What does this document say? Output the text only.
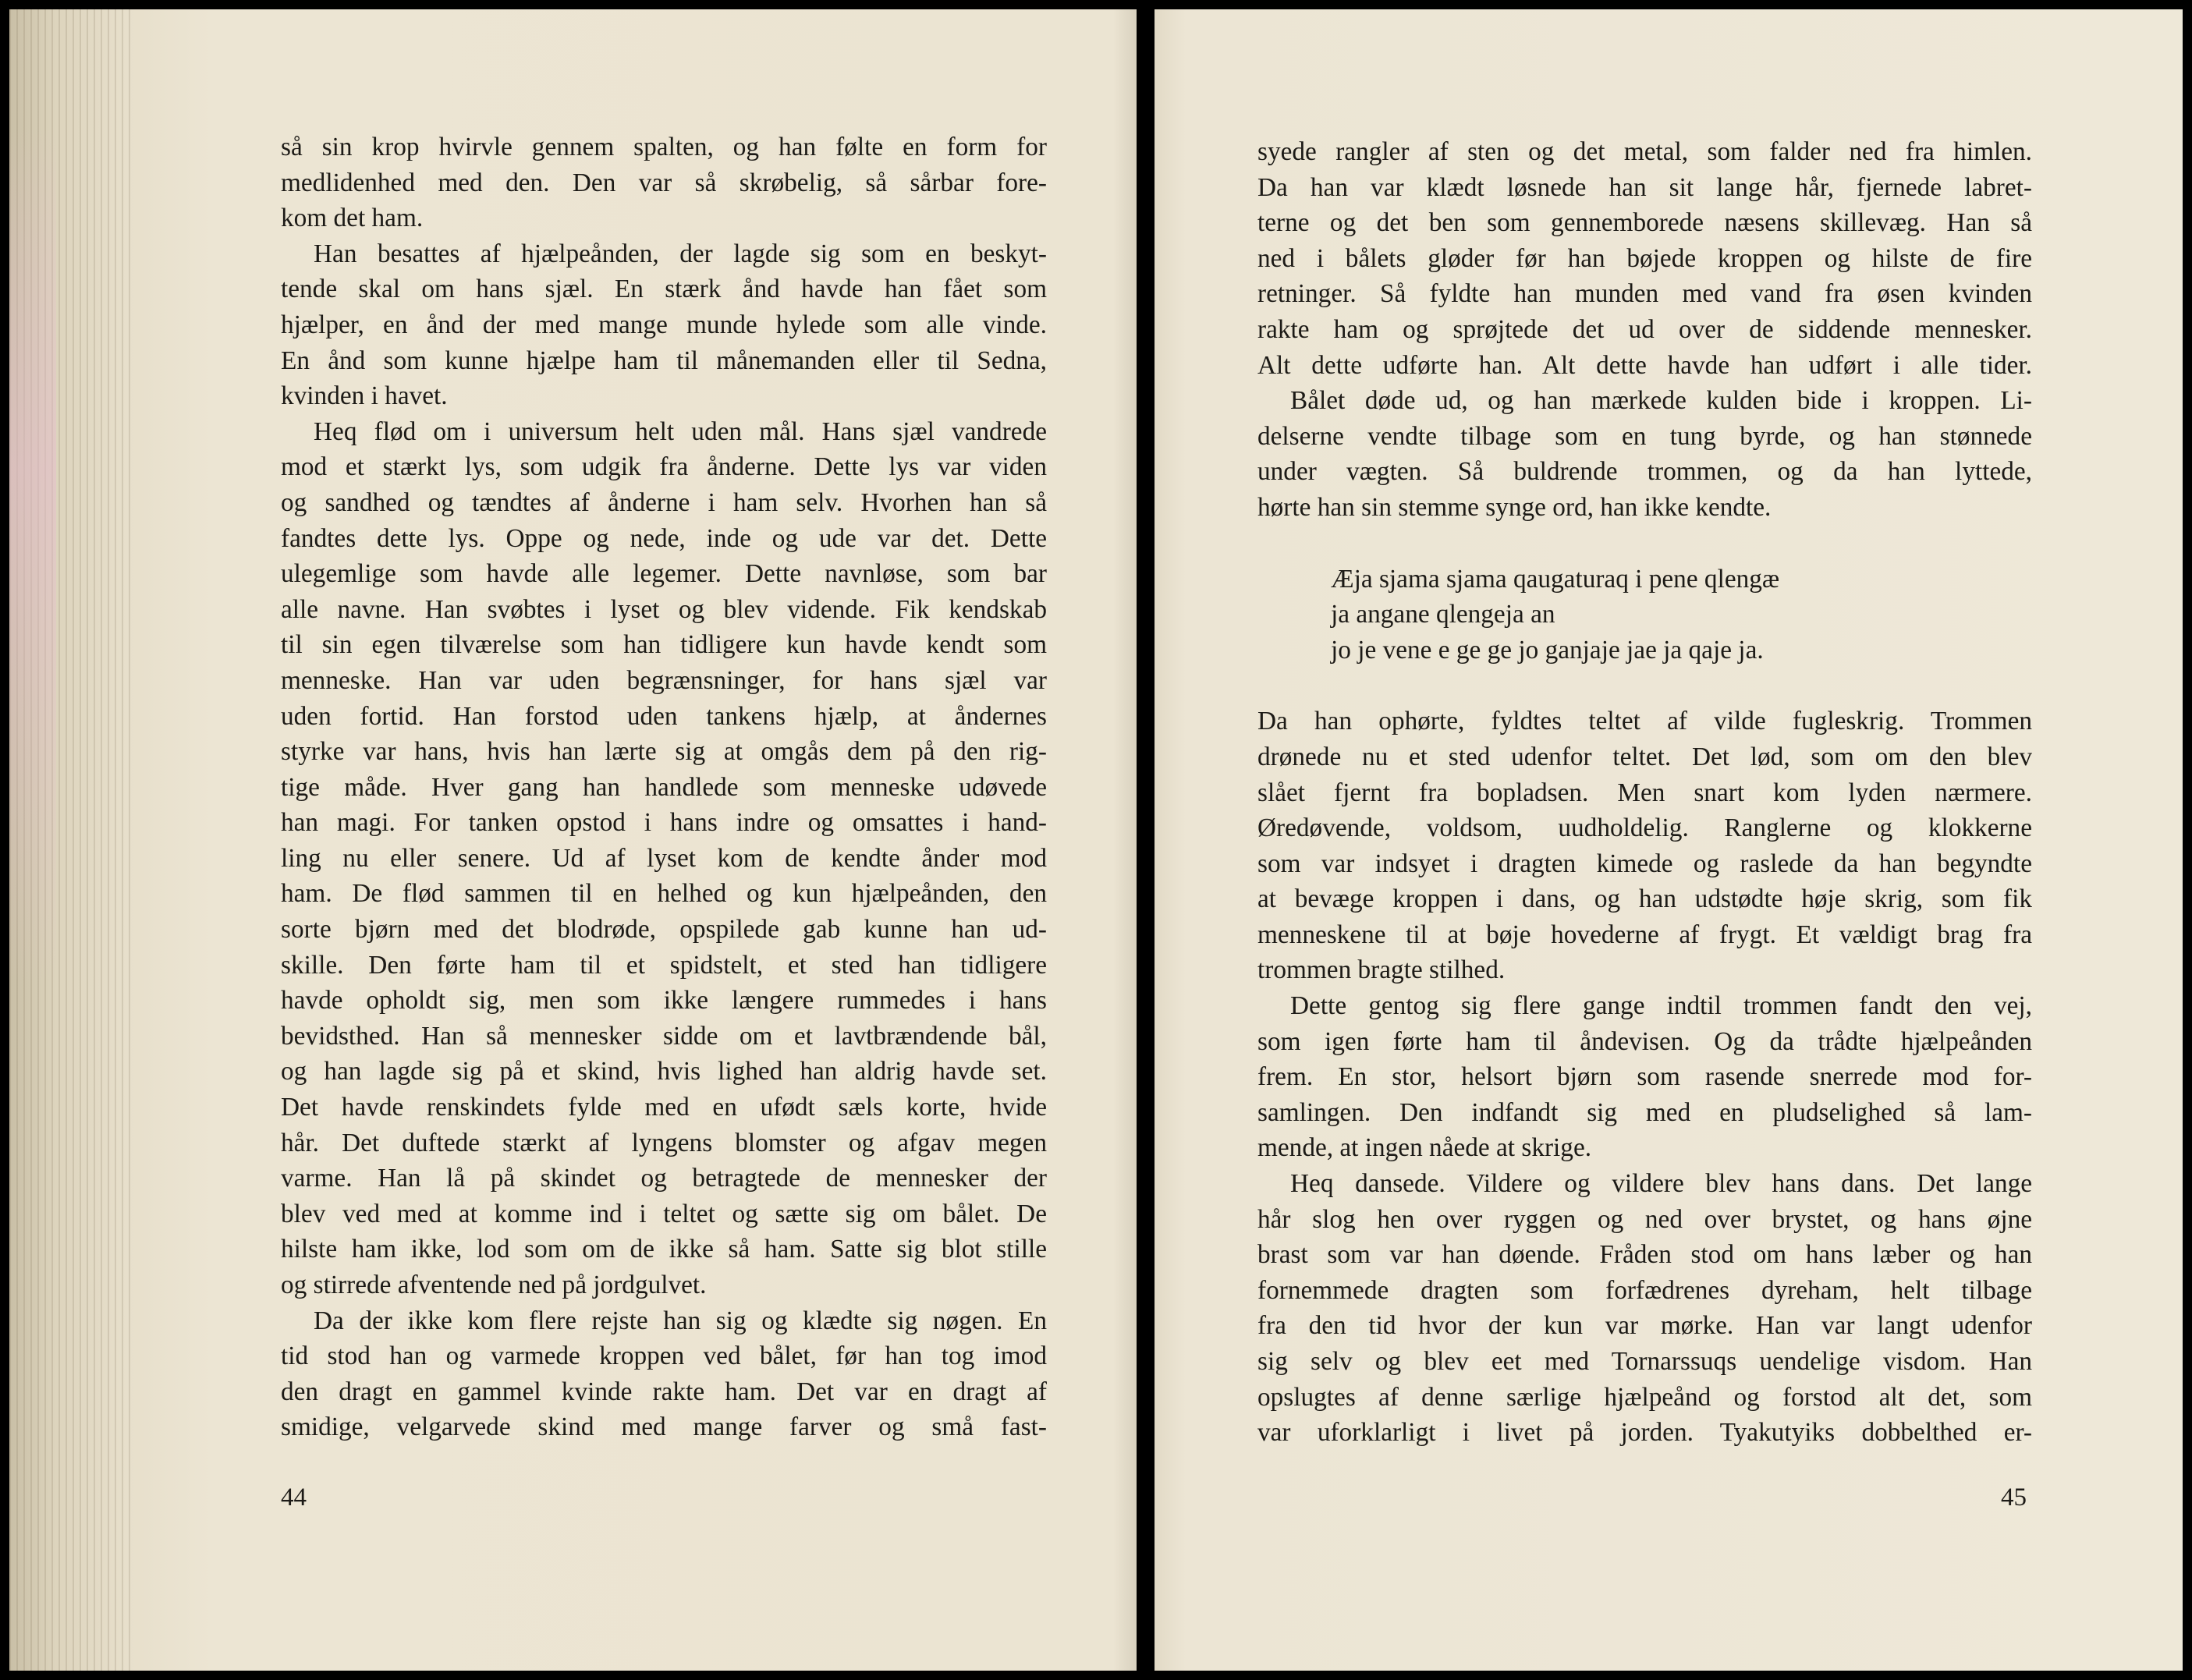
så sin krop hvirvle gennem spalten, og han følte en form for
medlidenhed med den. Den var så skrøbelig, så sårbar fore-
kom det ham.
Han besattes af hjælpeånden, der lagde sig som en beskyt-
tende skal om hans sjæl. En stærk ånd havde han fået som
hjælper, en ånd der med mange munde hylede som alle vinde.
En ånd som kunne hjælpe ham til månemanden eller til Sedna,
kvinden i havet.
Heq flød om i universum helt uden mål. Hans sjæl vandrede
mod et stærkt lys, som udgik fra ånderne. Dette lys var viden
og sandhed og tændtes af ånderne i ham selv. Hvorhen han så
fandtes dette lys. Oppe og nede, inde og ude var det. Dette
ulegemlige som havde alle legemer. Dette navnløse, som bar
alle navne. Han svøbtes i lyset og blev vidende. Fik kendskab
til sin egen tilværelse som han tidligere kun havde kendt som
menneske. Han var uden begrænsninger, for hans sjæl var
uden fortid. Han forstod uden tankens hjælp, at åndernes
styrke var hans, hvis han lærte sig at omgås dem på den rig-
tige måde. Hver gang han handlede som menneske udøvede
han magi. For tanken opstod i hans indre og omsattes i hand-
ling nu eller senere. Ud af lyset kom de kendte ånder mod
ham. De flød sammen til en helhed og kun hjælpeånden, den
sorte bjørn med det blodrøde, opspilede gab kunne han ud-
skille. Den førte ham til et spidstelt, et sted han tidligere
havde opholdt sig, men som ikke længere rummedes i hans
bevidsthed. Han så mennesker sidde om et lavtbrændende bål,
og han lagde sig på et skind, hvis lighed han aldrig havde set.
Det havde renskindets fylde med en ufødt sæls korte, hvide
hår. Det duftede stærkt af lyngens blomster og afgav megen
varme. Han lå på skindet og betragtede de mennesker der
blev ved med at komme ind i teltet og sætte sig om bålet. De
hilste ham ikke, lod som om de ikke så ham. Satte sig blot stille
og stirrede afventende ned på jordgulvet.
Da der ikke kom flere rejste han sig og klædte sig nøgen. En
tid stod han og varmede kroppen ved bålet, før han tog imod
den dragt en gammel kvinde rakte ham. Det var en dragt af
smidige, velgarvede skind med mange farver og små fast-
44
syede rangler af sten og det metal, som falder ned fra himlen.
Da han var klædt løsnede han sit lange hår, fjernede labret-
terne og det ben som gennemborede næsens skillevæg. Han så
ned i bålets gløder før han bøjede kroppen og hilste de fire
retninger. Så fyldte han munden med vand fra øsen kvinden
rakte ham og sprøjtede det ud over de siddende mennesker.
Alt dette udførte han. Alt dette havde han udført i alle tider.
Bålet døde ud, og han mærkede kulden bide i kroppen. Li-
delserne vendte tilbage som en tung byrde, og han stønnede
under vægten. Så buldrende trommen, og da han lyttede,
hørte han sin stemme synge ord, han ikke kendte.
Æja sjama sjama qaugaturaq i pene qlengæ
ja angane qlengeja an
jo je vene e ge ge jo ganjaje jae ja qaje ja.
Da han ophørte, fyldtes teltet af vilde fugleskrig. Trommen
drønede nu et sted udenfor teltet. Det lød, som om den blev
slået fjernt fra bopladsen. Men snart kom lyden nærmere.
Øredøvende, voldsom, uudholdelig. Ranglerne og klokkerne
som var indsyet i dragten kimede og raslede da han begyndte
at bevæge kroppen i dans, og han udstødte høje skrig, som fik
menneskene til at bøje hovederne af frygt. Et vældigt brag fra
trommen bragte stilhed.
Dette gentog sig flere gange indtil trommen fandt den vej,
som igen førte ham til åndevisen. Og da trådte hjælpeånden
frem. En stor, helsort bjørn som rasende snerrede mod for-
samlingen. Den indfandt sig med en pludselighed så lam-
mende, at ingen nåede at skrige.
Heq dansede. Vildere og vildere blev hans dans. Det lange
hår slog hen over ryggen og ned over brystet, og hans øjne
brast som var han døende. Fråden stod om hans læber og han
fornemmede dragten som forfædrenes dyreham, helt tilbage
fra den tid hvor der kun var mørke. Han var langt udenfor
sig selv og blev eet med Tornarssuqs uendelige visdom. Han
opslugtes af denne særlige hjælpeånd og forstod alt det, som
var uforklarligt i livet på jorden. Tyakutyiks dobbelthed er-
45
